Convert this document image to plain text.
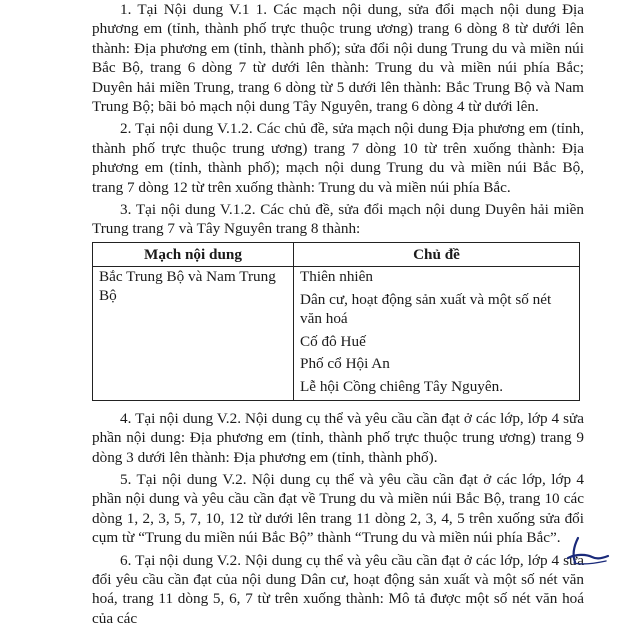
1. Tại Nội dung V.1 1. Các mạch nội dung, sửa đổi mạch nội dung Địa phương em (tỉnh, thành phố trực thuộc trung ương) trang 6 dòng 8 từ dưới lên thành: Địa phương em (tỉnh, thành phố); sửa đổi nội dung Trung du và miền núi Bắc Bộ, trang 6 dòng 7 từ dưới lên thành: Trung du và miền núi phía Bắc; Duyên hải miền Trung, trang 6 dòng từ 5 dưới lên thành: Bắc Trung Bộ và Nam Trung Bộ; bãi bỏ mạch nội dung Tây Nguyên, trang 6 dòng 4 từ dưới lên.

2. Tại nội dung V.1.2. Các chủ đề, sửa mạch nội dung Địa phương em (tỉnh, thành phố trực thuộc trung ương) trang 7 dòng 10 từ trên xuống thành: Địa phương em (tỉnh, thành phố); mạch nội dung Trung du và miền núi Bắc Bộ, trang 7 dòng 12 từ trên xuống thành: Trung du và miền núi phía Bắc.

3. Tại nội dung V.1.2. Các chủ đề, sửa đổi mạch nội dung Duyên hải miền Trung trang 7 và Tây Nguyên trang 8 thành:

Mạch nội dung	Chủ đề
Bắc Trung Bộ và Nam Trung Bộ	Thiên nhiên
Dân cư, hoạt động sản xuất và một số nét văn hoá
Cố đô Huế
Phố cổ Hội An
Lễ hội Cồng chiêng Tây Nguyên.

4. Tại nội dung V.2. Nội dung cụ thể và yêu cầu cần đạt ở các lớp, lớp 4 sửa phần nội dung: Địa phương em (tỉnh, thành phố trực thuộc trung ương) trang 9 dòng 3 dưới lên thành: Địa phương em (tỉnh, thành phố).

5. Tại nội dung V.2. Nội dung cụ thể và yêu cầu cần đạt ở các lớp, lớp 4 phần nội dung và yêu cầu cần đạt về Trung du và miền núi Bắc Bộ, trang 10 các dòng 1, 2, 3, 5, 7, 10, 12 từ dưới lên trang 11 dòng 2, 3, 4, 5 trên xuống sửa đổi cụm từ “Trung du miền núi Bắc Bộ” thành “Trung du và miền núi phía Bắc”.

6. Tại nội dung V.2. Nội dung cụ thể và yêu cầu cần đạt ở các lớp, lớp 4 sửa đổi yêu cầu cần đạt của nội dung Dân cư, hoạt động sản xuất và một số nét văn hoá, trang 11 dòng 5, 6, 7 từ trên xuống thành: Mô tả được một số nét văn hoá của các
